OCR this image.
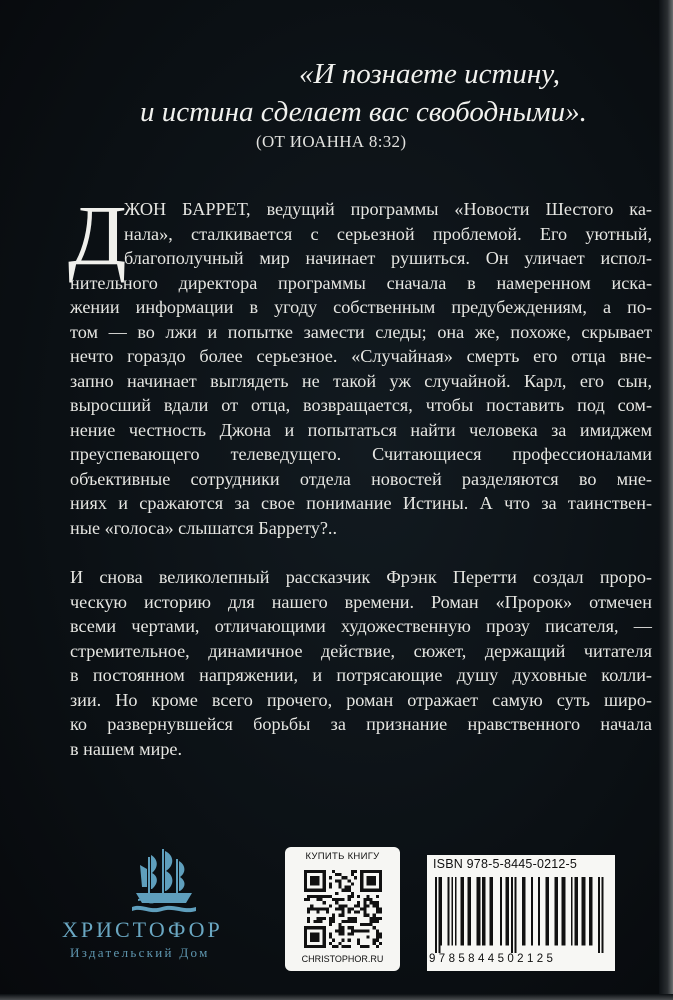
«И познаете истину,
и истина сделает вас свободными».
(ОТ ИОАННА 8:32)
Д
ЖОН БАРРЕТ, ведущий программы «Новости Шестого ка-
нала», сталкивается с серьезной проблемой. Его уютный,
благополучный мир начинает рушиться. Он уличает испол-
нительного директора программы сначала в намеренном иска-
жении информации в угоду собственным предубеждениям, а по-
том — во лжи и попытке замести следы; она же, похоже, скрывает
нечто гораздо более серьезное. «Случайная» смерть его отца вне-
запно начинает выглядеть не такой уж случайной. Карл, его сын,
выросший вдали от отца, возвращается, чтобы поставить под сом-
нение честность Джона и попытаться найти человека за имиджем
преуспевающего телеведущего. Считающиеся профессионалами
объективные сотрудники отдела новостей разделяются во мне-
ниях и сражаются за свое понимание Истины. А что за таинствен-
ные «голоса» слышатся Баррету?..
И снова великолепный рассказчик Фрэнк Перетти создал проро-
ческую историю для нашего времени. Роман «Пророк» отмечен
всеми чертами, отличающими художественную прозу писателя, —
стремительное, динамичное действие, сюжет, держащий читателя
в постоянном напряжении, и потрясающие душу духовные колли-
зии. Но кроме всего прочего, роман отражает самую суть широ-
ко развернувшейся борьбы за признание нравственного начала
в нашем мире.
ХРИСТОФОР
Издательский Дом
КУПИТЬ КНИГУ
CHRISTOPHOR.RU
ISBN 978-5-8445-0212-5
9785844502125
